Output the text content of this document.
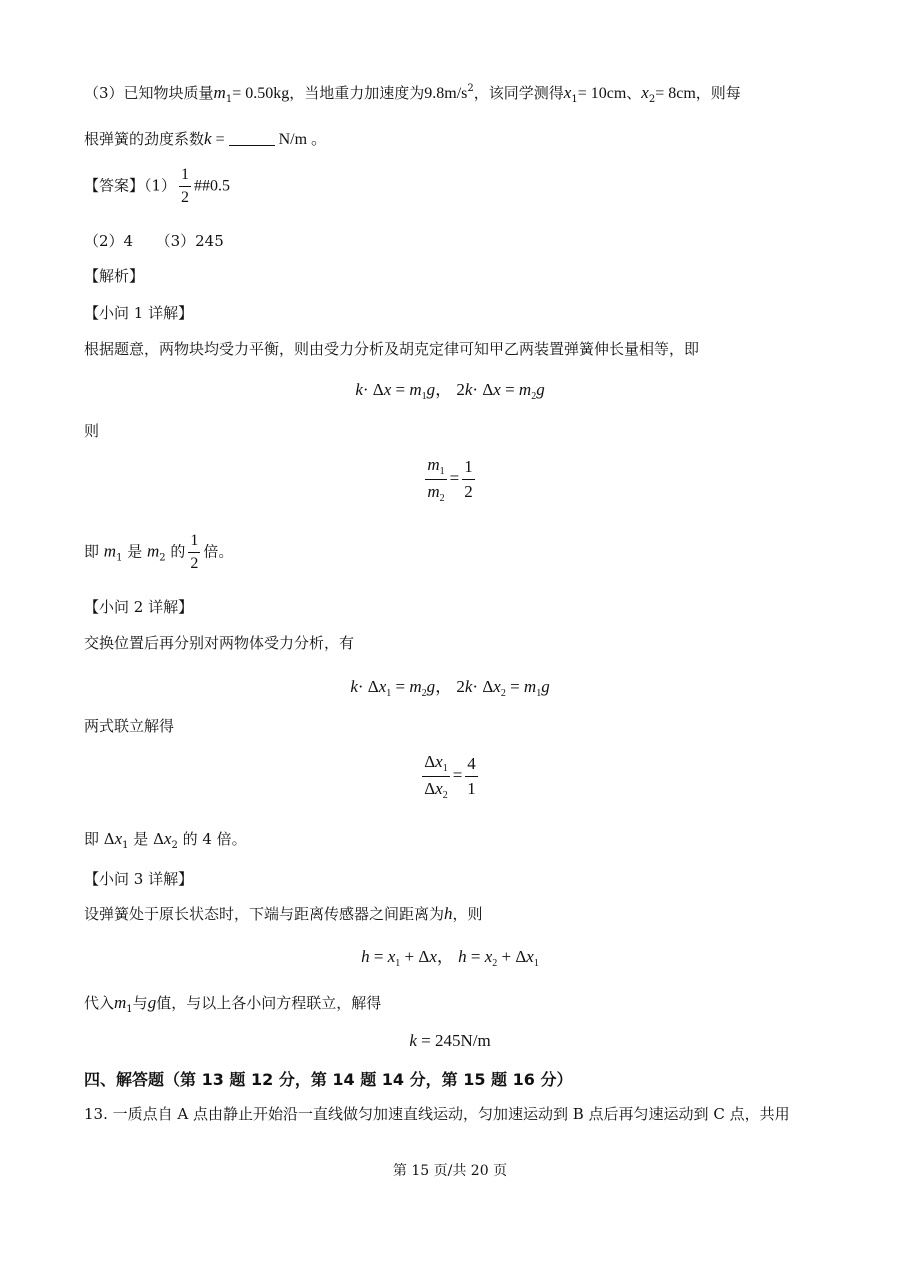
（3）已知物块质量$m_1= 0.50kg$，当地重力加速度为$9.8m/s^2$，该同学测得$x_1= 10cm$、$x_2= 8cm$，则每
根弹簧的劲度系数k =	N/m 。
【答案】$(1) \frac{1}{2}$ ##0.5
（2）4　　（3）245
【解析】
【小问 1 详解】
根据题意，两物块均受力平衡，则由受力分析及胡克定律可知甲乙两装置弹簧伸长量相等，即
$k\cdot \Delta x = m_1g$， $2k\cdot \Delta x = m_2g$
则
$\frac{m_1}{m_2} = \frac{1}{2}$
即 $m_1$ 是 $m_2$ 的 $\frac{1}{2}$ 倍。
【小问 2 详解】
交换位置后再分别对两物体受力分析，有
$k\cdot \Delta x_1 = m_2g$， $2k\cdot \Delta x_2 = m_1g$
两式联立解得
$\frac{\Delta x_1}{\Delta x_2} = \frac{4}{1}$
即 $\Delta x_1$ 是 $\Delta x_2$ 的 4 倍。
【小问 3 详解】
设弹簧处于原长状态时，下端与距离传感器之间距离为h，则
$h = x_1 + \Delta x$， $h = x_2 + \Delta x_1$
代入$m_1$与g值，与以上各小问方程联立，解得
k = 245N/m
四、解答题（第 13 题 12 分，第 14 题 14 分，第 15 题 16 分）
13. 一质点自 A 点由静止开始沿一直线做匀加速直线运动，匀加速运动到 B 点后再匀速运动到 C 点，共用
第 15 页/共 20 页
